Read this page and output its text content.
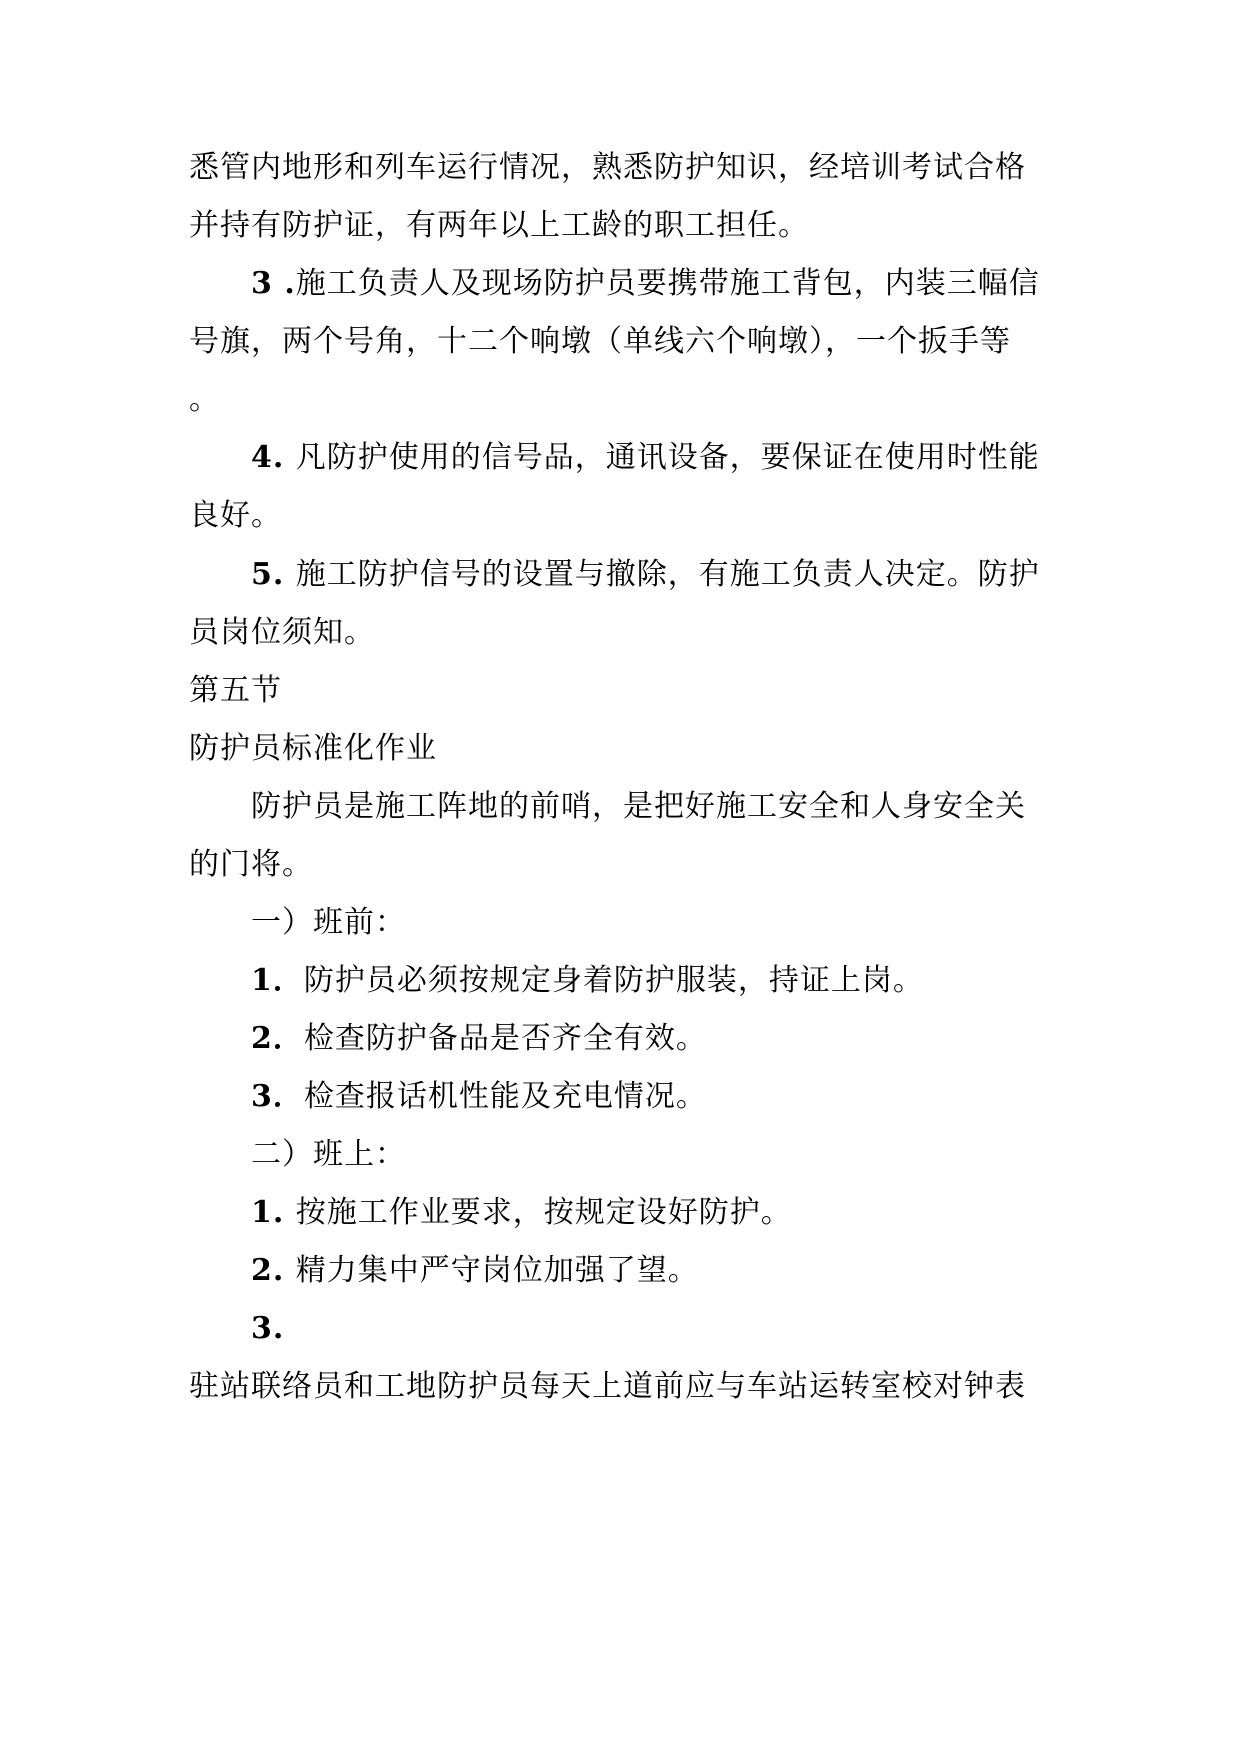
悉管内地形和列车运行情况，熟悉防护知识，经培训考试合格
并持有防护证，有两年以上工龄的职工担任。
3 .施工负责人及现场防护员要携带施工背包，内装三幅信
号旗，两个号角，十二个响墩（单线六个响墩），一个扳手等
。
4. 凡防护使用的信号品，通讯设备，要保证在使用时性能
良好。
5. 施工防护信号的设置与撤除，有施工负责人决定。防护
员岗位须知。
第五节
防护员标准化作业
防护员是施工阵地的前哨，是把好施工安全和人身安全关
的门将。
一）班前：
1．防护员必须按规定身着防护服装，持证上岗。
2．检查防护备品是否齐全有效。
3．检查报话机性能及充电情况。
二）班上：
1. 按施工作业要求，按规定设好防护。
2. 精力集中严守岗位加强了望。
3.
驻站联络员和工地防护员每天上道前应与车站运转室校对钟表
